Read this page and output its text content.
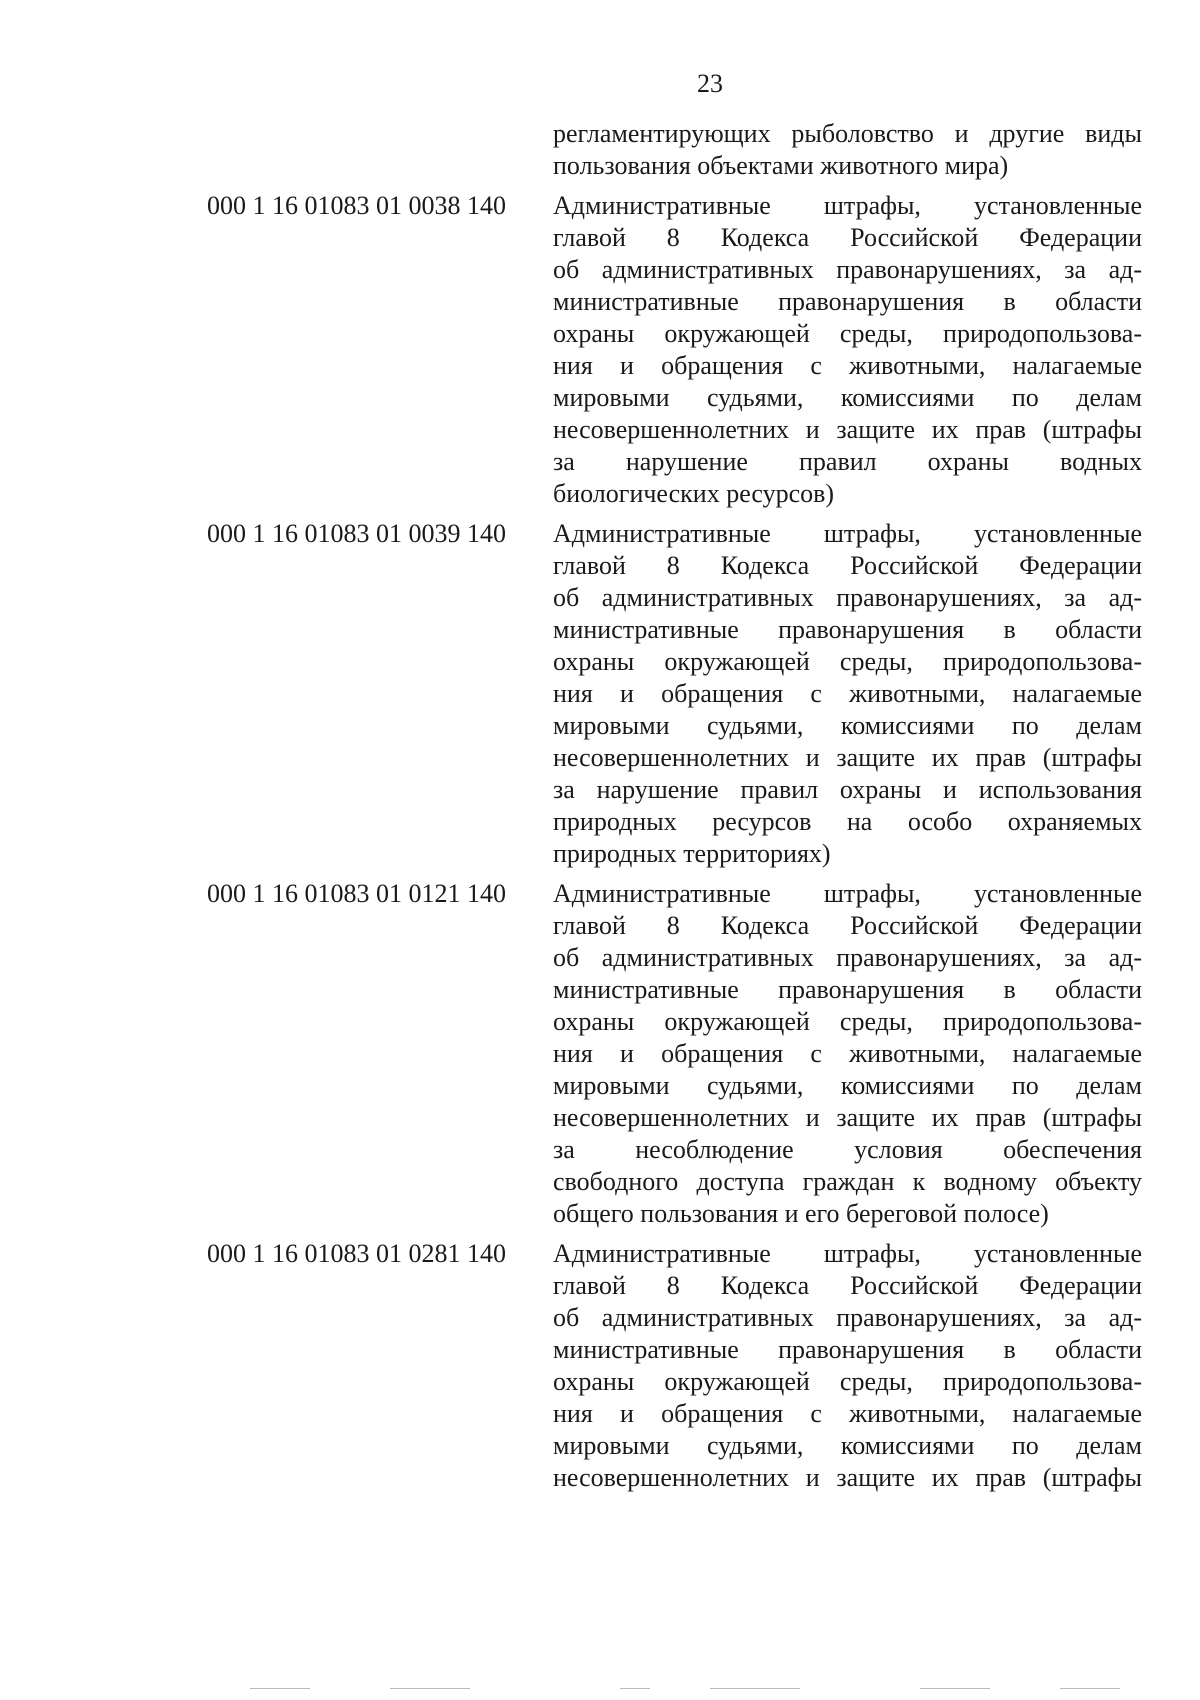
23
регламентирующих рыболовство и другие виды
пользования объектами животного мира)
000 1 16 01083 01 0038 140	Административные штрафы, установленные
главой 8 Кодекса Российской Федерации
об административных правонарушениях, за ад-
министративные правонарушения в области
охраны окружающей среды, природопользова-
ния и обращения с животными, налагаемые
мировыми судьями, комиссиями по делам
несовершеннолетних и защите их прав (штрафы
за нарушение правил охраны водных
биологических ресурсов)
000 1 16 01083 01 0039 140	Административные штрафы, установленные
главой 8 Кодекса Российской Федерации
об административных правонарушениях, за ад-
министративные правонарушения в области
охраны окружающей среды, природопользова-
ния и обращения с животными, налагаемые
мировыми судьями, комиссиями по делам
несовершеннолетних и защите их прав (штрафы
за нарушение правил охраны и использования
природных ресурсов на особо охраняемых
природных территориях)
000 1 16 01083 01 0121 140	Административные штрафы, установленные
главой 8 Кодекса Российской Федерации
об административных правонарушениях, за ад-
министративные правонарушения в области
охраны окружающей среды, природопользова-
ния и обращения с животными, налагаемые
мировыми судьями, комиссиями по делам
несовершеннолетних и защите их прав (штрафы
за несоблюдение условия обеспечения
свободного доступа граждан к водному объекту
общего пользования и его береговой полосе)
000 1 16 01083 01 0281 140	Административные штрафы, установленные
главой 8 Кодекса Российской Федерации
об административных правонарушениях, за ад-
министративные правонарушения в области
охраны окружающей среды, природопользова-
ния и обращения с животными, налагаемые
мировыми судьями, комиссиями по делам
несовершеннолетних и защите их прав (штрафы
